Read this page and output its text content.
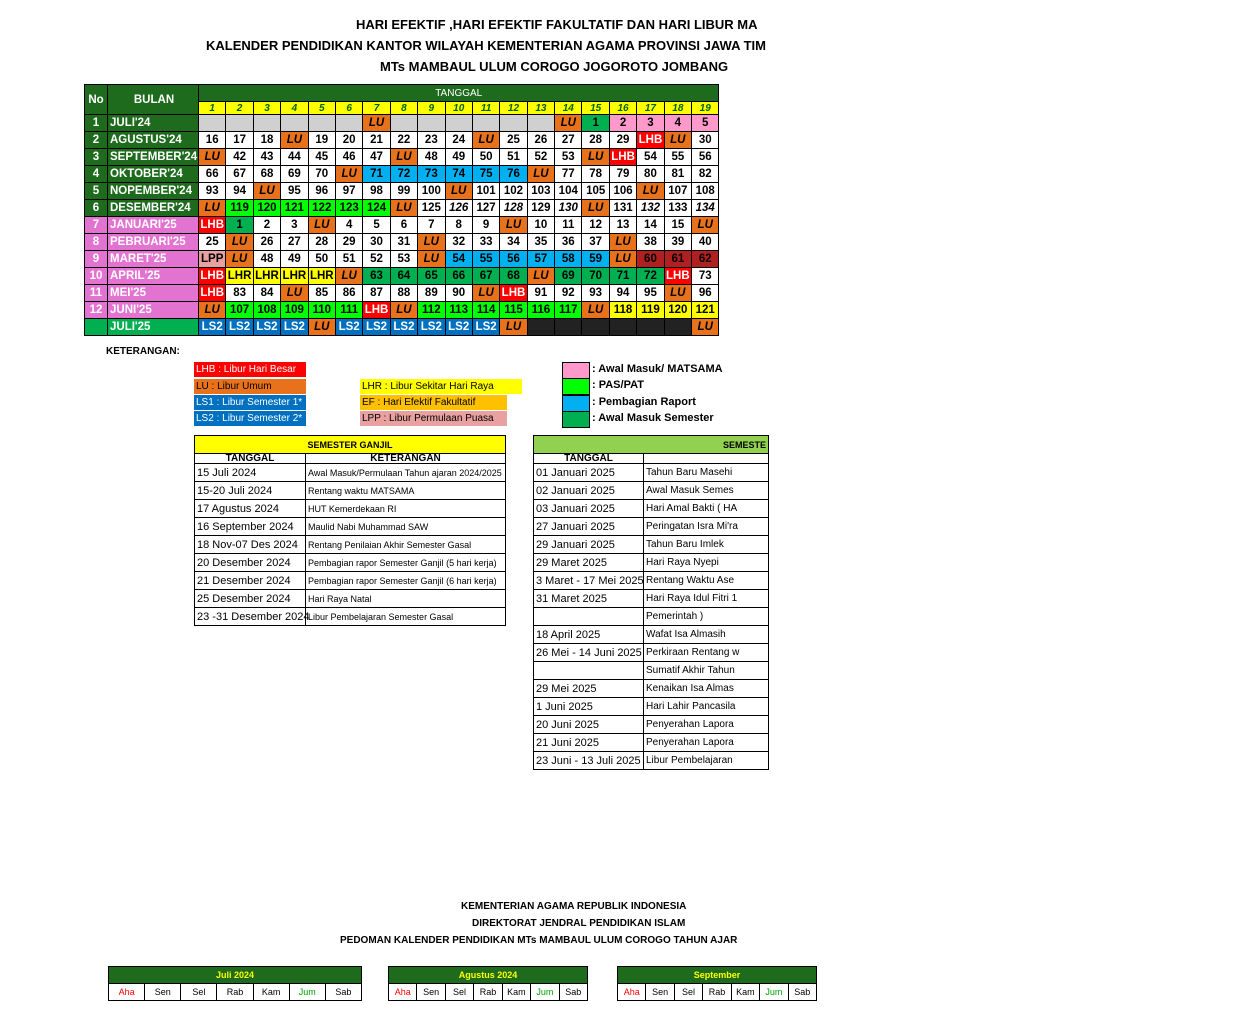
HARI EFEKTIF ,HARI EFEKTIF FAKULTATIF DAN HARI LIBUR MA
KALENDER PENDIDIKAN KANTOR WILAYAH KEMENTERIAN AGAMA PROVINSI JAWA TIM
MTs MAMBAUL ULUM COROGO JOGOROTO JOMBANG
No	BULAN	TANGGAL																		
		1	2	3	4	5	6	7	8	9	10	11	12	13	14	15	16	17	18	19
1	JULI'24							LU							LU	1	2	3	4	5
2	AGUSTUS'24	16	17	18	LU	19	20	21	22	23	24	LU	25	26	27	28	29	LHB	LU	30
3	SEPTEMBER'24	LU	42	43	44	45	46	47	LU	48	49	50	51	52	53	LU	LHB	54	55	56
4	OKTOBER'24	66	67	68	69	70	LU	71	72	73	74	75	76	LU	77	78	79	80	81	82
5	NOPEMBER'24	93	94	LU	95	96	97	98	99	100	LU	101	102	103	104	105	106	LU	107	108
6	DESEMBER'24	LU	119	120	121	122	123	124	LU	125	126	127	128	129	130	LU	131	132	133	134
7	JANUARI'25	LHB	1	2	3	LU	4	5	6	7	8	9	LU	10	11	12	13	14	15	LU
8	PEBRUARI'25	25	LU	26	27	28	29	30	31	LU	32	33	34	35	36	37	LU	38	39	40
9	MARET'25	LPP	LU	48	49	50	51	52	53	LU	54	55	56	57	58	59	LU	60	61	62
10	APRIL'25	LHB	LHR	LHR	LHR	LHR	LU	63	64	65	66	67	68	LU	69	70	71	72	LHB	73
11	MEI'25	LHB	83	84	LU	85	86	87	88	89	90	LU	LHB	91	92	93	94	95	LU	96
12	JUNI'25	LU	107	108	109	110	111	LHB	LU	112	113	114	115	116	117	LU	118	119	120	121
	JULI'25	LS2	LS2	LS2	LS2	LU	LS2	LS2	LS2	LS2	LS2	LS2	LU							LU
KETERANGAN:
LHB : Libur Hari Besar
LU : Libur Umum
LS1 : Libur Semester 1*
LS2 : Libur Semester 2*
LHR : Libur Sekitar Hari Raya
EF : Hari Efektif Fakultatif
LPP : Libur Permulaan Puasa
: Awal Masuk/ MATSAMA
: PAS/PAT
: Pembagian Raport
: Awal Masuk Semester
SEMESTER GANJIL	
TANGGAL	KETERANGAN
15 Juli 2024	Awal Masuk/Permulaan Tahun ajaran 2024/2025
15-20 Juli 2024	Rentang waktu MATSAMA
17 Agustus 2024	HUT Kemerdekaan RI
16 September 2024	Maulid Nabi Muhammad SAW
18 Nov-07 Des 2024	Rentang Penilaian Akhir Semester Gasal
20 Desember 2024	Pembagian rapor Semester Ganjil (5 hari kerja)
21 Desember 2024	Pembagian rapor Semester Ganjil (6 hari kerja)
25 Desember 2024	Hari Raya Natal
23 -31 Desember 2024	Libur Pembelajaran Semester Gasal
SEMESTE	
TANGGAL	
01 Januari 2025	Tahun Baru Masehi
02 Januari 2025	Awal Masuk Semes
03 Januari 2025	Hari Amal Bakti ( HA
27 Januari 2025	Peringatan Isra Mi'ra
29 Januari 2025	Tahun Baru Imlek
29 Maret 2025	Hari Raya Nyepi
3 Maret - 17 Mei 2025	Rentang Waktu Ase
31 Maret 2025	Hari Raya Idul Fitri 1
	Pemerintah )
18 April 2025	Wafat Isa Almasih
26 Mei - 14 Juni 2025	Perkiraan Rentang w
	Sumatif Akhir Tahun
29 Mei 2025	Kenaikan Isa Almas
1 Juni 2025	Hari Lahir Pancasila
20 Juni 2025	Penyerahan Lapora
21 Juni 2025	Penyerahan Lapora
23 Juni - 13 Juli 2025	Libur Pembelajaran
KEMENTERIAN AGAMA REPUBLIK INDONESIA
DIREKTORAT JENDRAL PENDIDIKAN ISLAM
PEDOMAN KALENDER PENDIDIKAN MTs MAMBAUL ULUM COROGO TAHUN AJAR
Juli 2024
Aha	Sen	Sel	Rab	Kam	Jum	Sab
Agustus 2024
Aha	Sen	Sel	Rab	Kam	Jum	Sab
September
Aha	Sen	Sel	Rab	Kam	Jum	Sab
